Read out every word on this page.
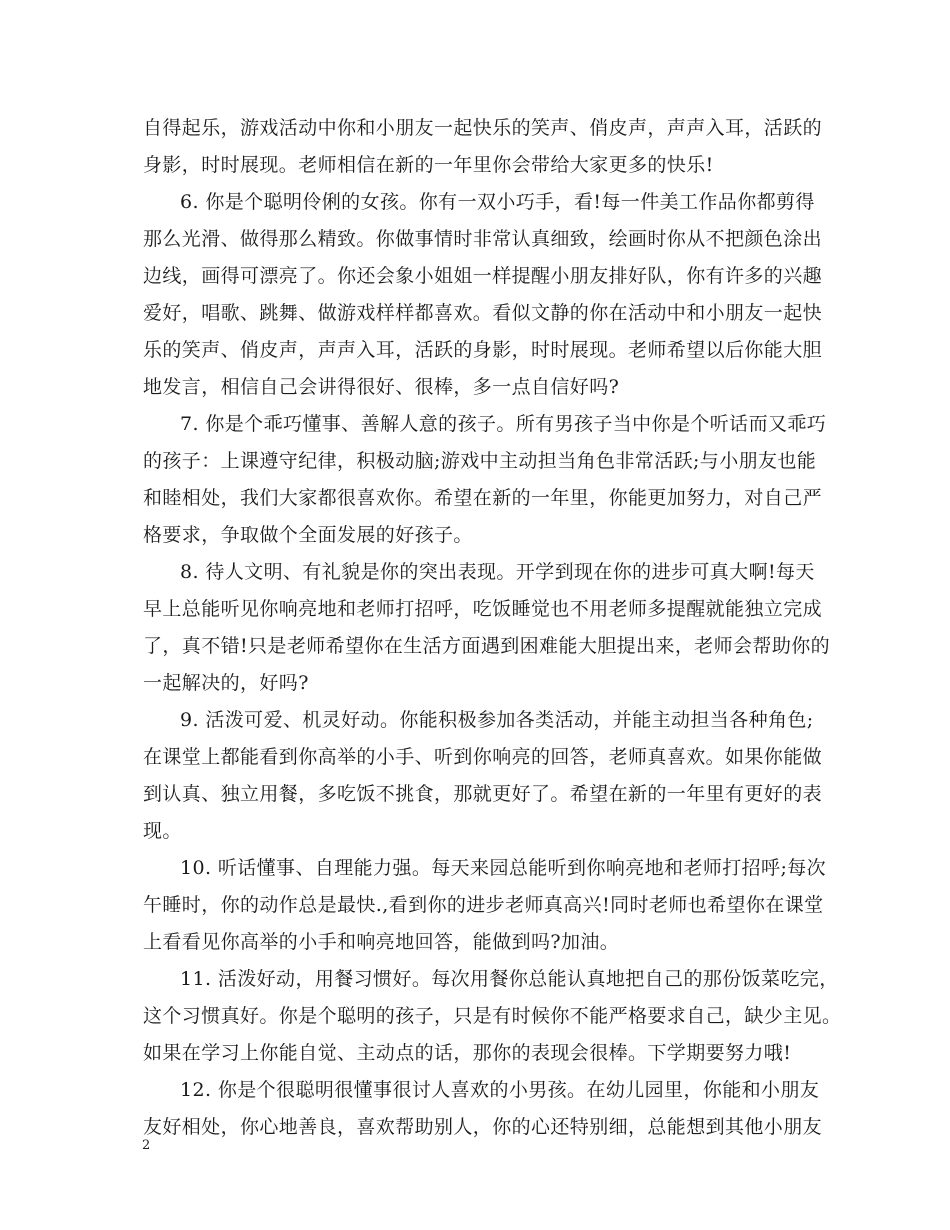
自得起乐，游戏活动中你和小朋友一起快乐的笑声、俏皮声，声声入耳，活跃的
身影，时时展现。老师相信在新的一年里你会带给大家更多的快乐!
6. 你是个聪明伶俐的女孩。你有一双小巧手，看!每一件美工作品你都剪得
那么光滑、做得那么精致。你做事情时非常认真细致，绘画时你从不把颜色涂出
边线，画得可漂亮了。你还会象小姐姐一样提醒小朋友排好队，你有许多的兴趣
爱好，唱歌、跳舞、做游戏样样都喜欢。看似文静的你在活动中和小朋友一起快
乐的笑声、俏皮声，声声入耳，活跃的身影，时时展现。老师希望以后你能大胆
地发言，相信自己会讲得很好、很棒，多一点自信好吗?
7. 你是个乖巧懂事、善解人意的孩子。所有男孩子当中你是个听话而又乖巧
的孩子：上课遵守纪律，积极动脑;游戏中主动担当角色非常活跃;与小朋友也能
和睦相处，我们大家都很喜欢你。希望在新的一年里，你能更加努力，对自己严
格要求，争取做个全面发展的好孩子。
8. 待人文明、有礼貌是你的突出表现。开学到现在你的进步可真大啊!每天
早上总能听见你响亮地和老师打招呼，吃饭睡觉也不用老师多提醒就能独立完成
了，真不错!只是老师希望你在生活方面遇到困难能大胆提出来，老师会帮助你的
一起解决的，好吗?
9. 活泼可爱、机灵好动。你能积极参加各类活动，并能主动担当各种角色;
在课堂上都能看到你高举的小手、听到你响亮的回答，老师真喜欢。如果你能做
到认真、独立用餐，多吃饭不挑食，那就更好了。希望在新的一年里有更好的表
现。
10. 听话懂事、自理能力强。每天来园总能听到你响亮地和老师打招呼;每次
午睡时，你的动作总是最快.,看到你的进步老师真高兴!同时老师也希望你在课堂
上看看见你高举的小手和响亮地回答，能做到吗?加油。
11. 活泼好动，用餐习惯好。每次用餐你总能认真地把自己的那份饭菜吃完，
这个习惯真好。你是个聪明的孩子，只是有时候你不能严格要求自己，缺少主见。
如果在学习上你能自觉、主动点的话，那你的表现会很棒。下学期要努力哦!
12. 你是个很聪明很懂事很讨人喜欢的小男孩。在幼儿园里，你能和小朋友
友好相处，你心地善良，喜欢帮助别人，你的心还特别细，总能想到其他小朋友
2
